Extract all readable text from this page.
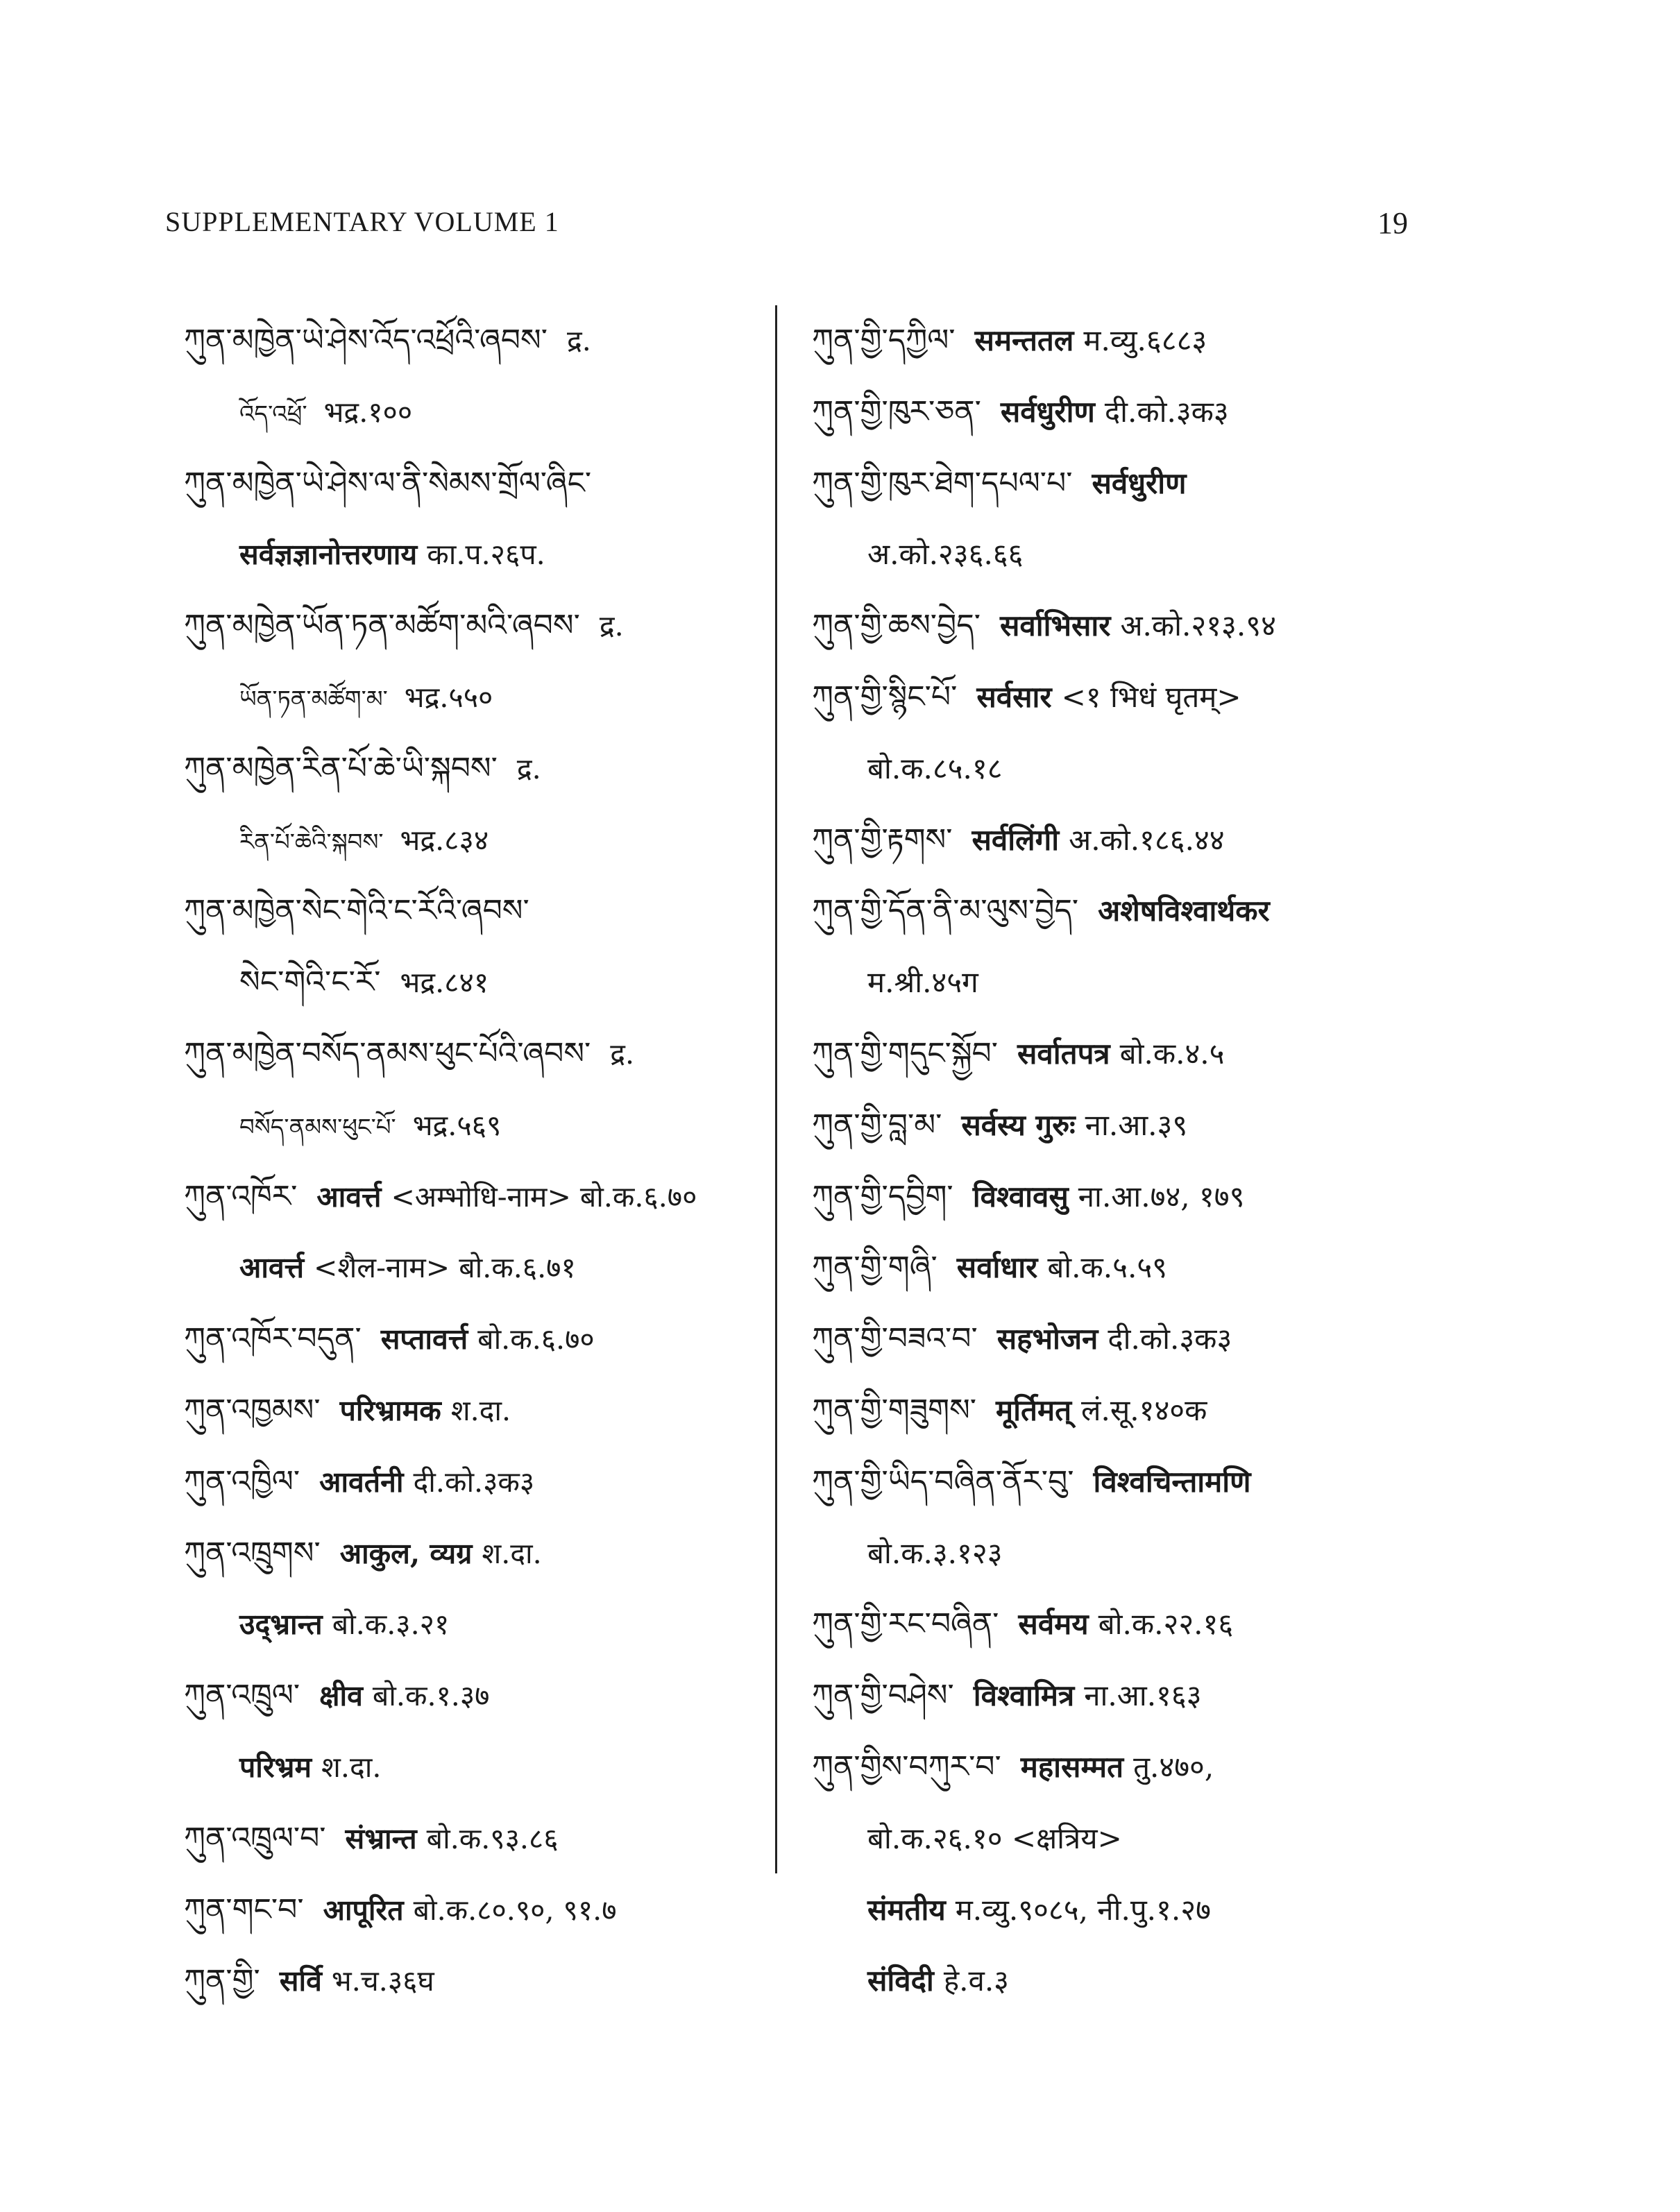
SUPPLEMENTARY VOLUME 1	19
ཀུན་མཁྱེན་ཡེ་ཤེས་འོད་འཕྲོའི་ཞབས་ द्र.
འོད་འཕྲོ་ भद्र.१००
ཀུན་མཁྱེན་ཡེ་ཤེས་ལ་ནི་སེམས་གྲོལ་ཞིང་
सर्वज्ञज्ञानोत्तरणाय का.प.२६प.
ཀུན་མཁྱེན་ཡོན་ཏན་མཚོག་མའི་ཞབས་ द्र.
ཡོན་ཏན་མཚོག་མ་ भद्र.५५०
ཀུན་མཁྱེན་རིན་པོ་ཆེ་ཡི་སྐབས་ द्र.
རིན་པོ་ཆེའི་སྐབས་ भद्र.८३४
ཀུན་མཁྱེན་སེང་གེའི་ང་རོའི་ཞབས་
སེང་གེའི་ང་རོ་ भद्र.८४१
ཀུན་མཁྱེན་བསོད་ནམས་ཕུང་པོའི་ཞབས་ द्र.
བསོད་ནམས་ཕུང་པོ་ भद्र.५६९
ཀུན་འཁོར་ आवर्त्त <अम्भोधि-नाम> बो.क.६.७०
आवर्त्त <शैल-नाम> बो.क.६.७१
ཀུན་འཁོར་བདུན་ सप्तावर्त्त बो.क.६.७०
ཀུན་འཁྱམས་ परिभ्रामक श.दा.
ཀུན་འཁྱིལ་ आवर्तनी दी.को.३क३
ཀུན་འཁྲུགས་ आकुल, व्यग्र श.दा.
उद्भ्रान्त बो.क.३.२१
ཀུན་འཁྲུལ་ क्षीव बो.क.१.३७
परिभ्रम श.दा.
ཀུན་འཁྲུལ་བ་ संभ्रान्त बो.क.९३.८६
ཀུན་གང་བ་ आपूरित बो.क.८०.९०, ९१.७
ཀུན་གྱི་ सर्वि भ.च.३६घ
ཀུན་གྱི་དཀྱིལ་ समन्ततल म.व्यु.६८८३
ཀུན་གྱི་ཁུར་ཅན་ सर्वधुरीण दी.को.३क३
ཀུན་གྱི་ཁུར་ཐེག་དཔལ་པ་ सर्वधुरीण
अ.को.२३६.६६
ཀུན་གྱི་ཆས་བྱེད་ सर्वाभिसार अ.को.२१३.९४
ཀུན་གྱི་སྙིང་པོ་ सर्वसार <१ भिधं घृतम्>
बो.क.८५.१८
ཀུན་གྱི་རྟགས་ सर्वलिंगी अ.को.१८६.४४
ཀུན་གྱི་དོན་ནི་མ་ལུས་བྱེད་ अशेषविश्वार्थकर
म.श्री.४५ग
ཀུན་གྱི་གདུང་སྐྱོབ་ सर्वातपत्र बो.क.४.५
ཀུན་གྱི་བླ་མ་ सर्वस्य गुरुः ना.आ.३९
ཀུན་གྱི་དབྱིག་ विश्वावसु ना.आ.७४, १७९
ཀུན་གྱི་གཞི་ सर्वाधार बो.क.५.५९
ཀུན་གྱི་བཟའ་བ་ सहभोजन दी.को.३क३
ཀུན་གྱི་གཟུགས་ मूर्तिमत् लं.सू.१४०क
ཀུན་གྱི་ཡིད་བཞིན་ནོར་བུ་ विश्वचिन्तामणि
बो.क.३.१२३
ཀུན་གྱི་རང་བཞིན་ सर्वमय बो.क.२२.१६
ཀུན་གྱི་བཤེས་ विश्वामित्र ना.आ.१६३
ཀུན་གྱིས་བཀུར་བ་ महासम्मत तु.४७०,
बो.क.२६.१० <क्षत्रिय>
संमतीय म.व्यु.९०८५, नी.पु.१.२७
संविदी हे.व.३
